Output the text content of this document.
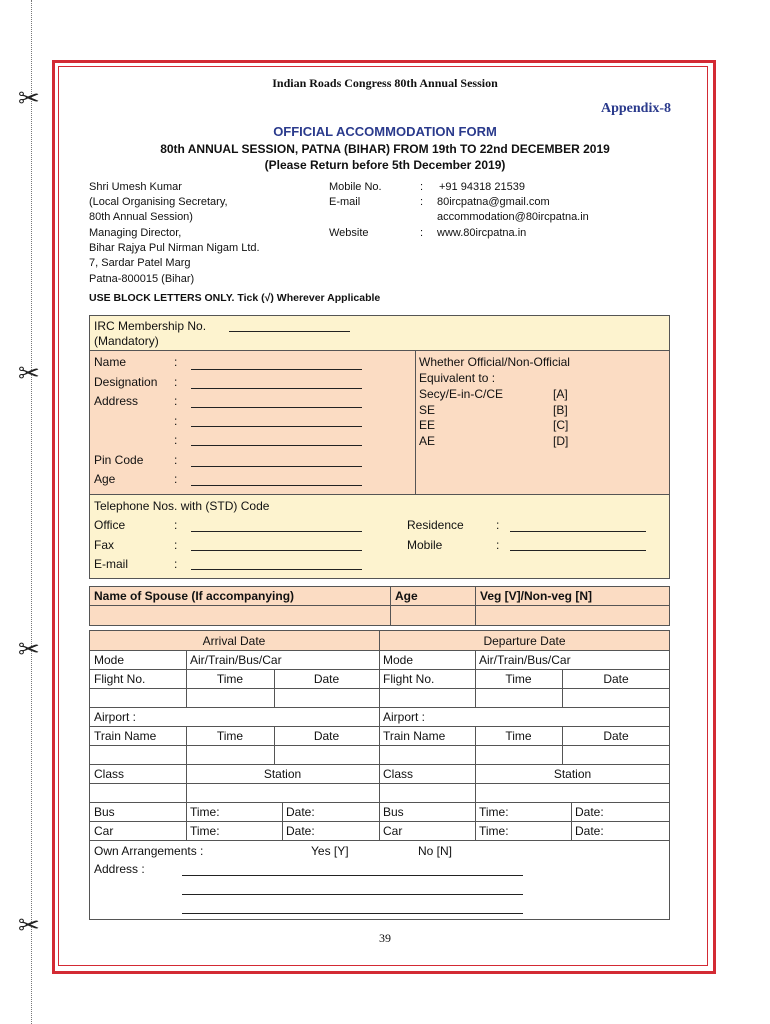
✂
✂
✂
✂
Indian Roads Congress 80th Annual Session
Appendix-8
OFFICIAL ACCOMMODATION FORM
80th ANNUAL SESSION, PATNA (BIHAR) FROM 19th TO 22nd DECEMBER 2019
(Please Return before 5th December 2019)
Shri Umesh Kumar
(Local Organising Secretary,
80th Annual Session)
Managing Director,
Bihar Rajya Pul Nirman Nigam Ltd.
7, Sardar Patel Marg
Patna-800015 (Bihar)
Mobile No.	: +91 94318 21539
E-mail	: 80ircpatna@gmail.com
accommodation@80ircpatna.in
Website	: www.80ircpatna.in
USE BLOCK LETTERS ONLY. Tick (√) Wherever Applicable
IRC Membership No.
(Mandatory)
Name	:
Designation :
Address	:
:
:
Pin Code	:
Age	:
Whether Official/Non-Official
Equivalent to :
Secy/E-in-C/CE	[A]
SE	[B]
EE	[C]
AE	[D]
Telephone Nos. with (STD) Code
Office	:	Residence	:
Fax	:	Mobile	:
E-mail	:
Name of Spouse (If accompanying)	Age	Veg [V]/Non-veg [N]
Arrival Date	Departure Date
Mode	Air/Train/Bus/Car	Mode	Air/Train/Bus/Car
Flight No.	Time	Date	Flight No.	Time	Date
Airport :	Airport :
Train Name	Time	Date	Train Name	Time	Date
Class	Station	Class	Station
Bus	Time:	Date:	Bus	Time:	Date:
Car	Time:	Date:	Car	Time:	Date:
Own Arrangements :	Yes [Y]	No [N]
Address :
39
